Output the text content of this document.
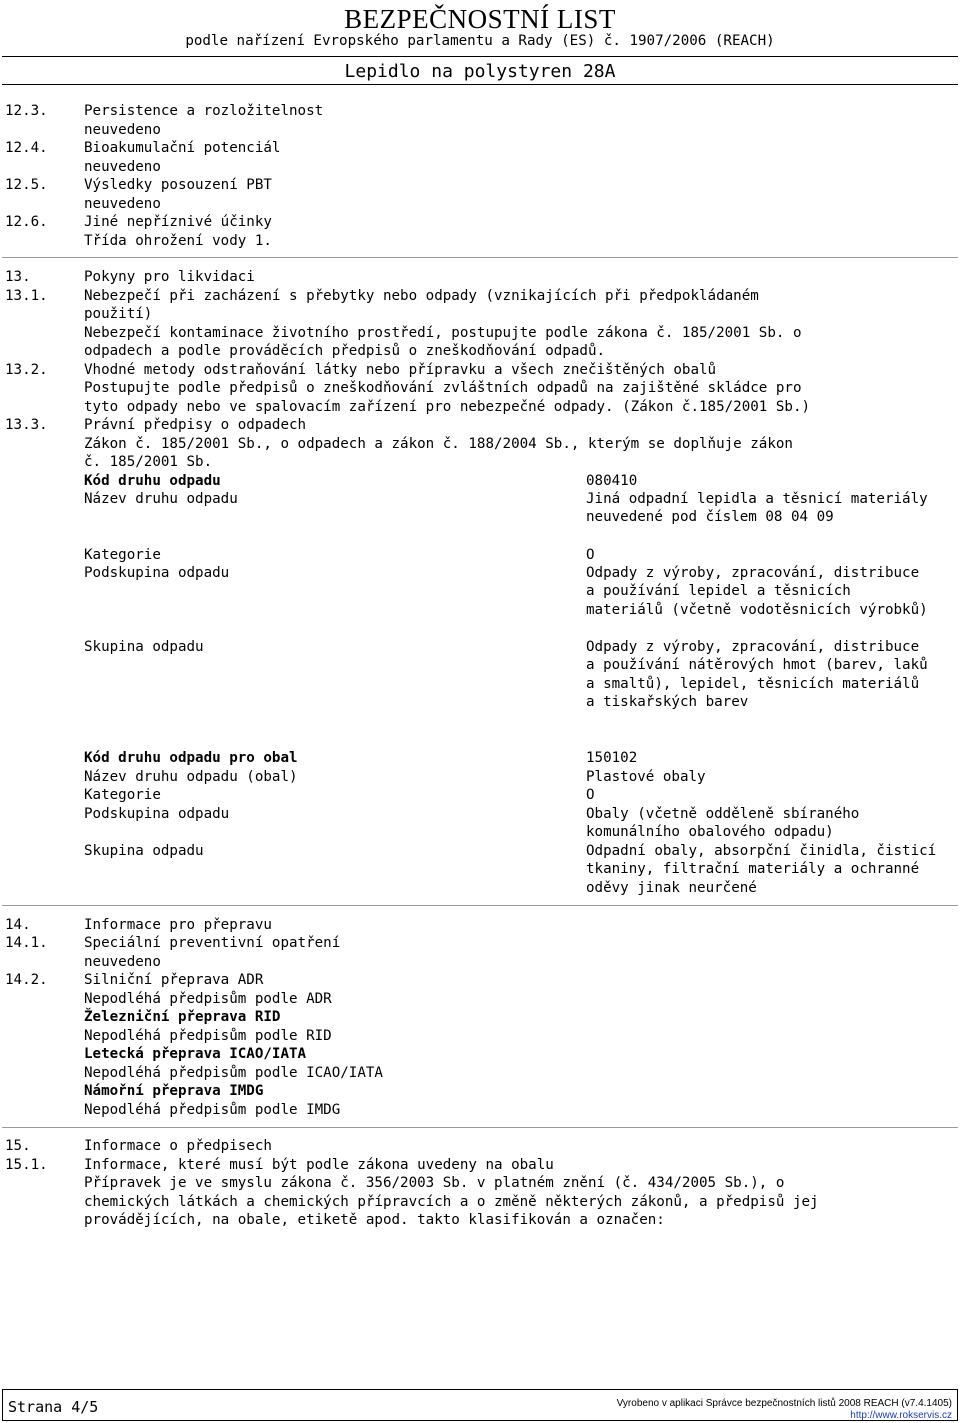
BEZPEČNOSTNÍ LIST
podle nařízení Evropského parlamentu a Rady (ES) č. 1907/2006 (REACH)
Lepidlo na polystyren 28A
12.3.	Persistence a rozložitelnost
neuvedeno
12.4.	Bioakumulační potenciál
neuvedeno
12.5.	Výsledky posouzení PBT
neuvedeno
12.6.	Jiné nepříznivé účinky
Třída ohrožení vody 1.
13.	Pokyny pro likvidaci
13.1.	Nebezpečí při zacházení s přebytky nebo odpady (vznikajících při předpokládaném
použití)
Nebezpečí kontaminace životního prostředí, postupujte podle zákona č. 185/2001 Sb. o
odpadech a podle prováděcích předpisů o zneškodňování odpadů.
13.2.	Vhodné metody odstraňování látky nebo přípravku a všech znečištěných obalů
Postupujte podle předpisů o zneškodňování zvláštních odpadů na zajištěné skládce pro
tyto odpady nebo ve spalovacím zařízení pro nebezpečné odpady. (Zákon č.185/2001 Sb.)
13.3.	Právní předpisy o odpadech
Zákon č. 185/2001 Sb., o odpadech a zákon č. 188/2004 Sb., kterým se doplňuje zákon
č. 185/2001 Sb.
Kód druhu odpadu	080410
Název druhu odpadu	Jiná odpadní lepidla a těsnicí materiály neuvedené pod číslem 08 04 09
Kategorie	O
Podskupina odpadu	Odpady z výroby, zpracování, distribuce a používání lepidel a těsnicích materiálů (včetně vodotěsnicích výrobků)
Skupina odpadu	Odpady z výroby, zpracování, distribuce a používání nátěrových hmot (barev, laků a smaltů), lepidel, těsnicích materiálů a tiskařských barev
Kód druhu odpadu pro obal	150102
Název druhu odpadu (obal)	Plastové obaly
Kategorie	O
Podskupina odpadu	Obaly (včetně odděleně sbíraného komunálního obalového odpadu)
Skupina odpadu	Odpadní obaly, absorpční činidla, čisticí tkaniny, filtrační materiály a ochranné oděvy jinak neurčené
14.	Informace pro přepravu
14.1.	Speciální preventivní opatření
neuvedeno
14.2.	Silniční přeprava ADR
Nepodléhá předpisům podle ADR
Železniční přeprava RID
Nepodléhá předpisům podle RID
Letecká přeprava ICAO/IATA
Nepodléhá předpisům podle ICAO/IATA
Námořní přeprava IMDG
Nepodléhá předpisům podle IMDG
15.	Informace o předpisech
15.1.	Informace, které musí být podle zákona uvedeny na obalu
Přípravek je ve smyslu zákona č. 356/2003 Sb. v platném znění (č. 434/2005 Sb.), o
chemických látkách a chemických přípravcích a o změně některých zákonů, a předpisů jej
provádějících, na obale, etiketě apod. takto klasifikován a označen:
Strana 4/5	Vyrobeno v aplikaci Správce bezpečnostních listů 2008 REACH (v7.4.1405)
http://www.rokservis.cz
